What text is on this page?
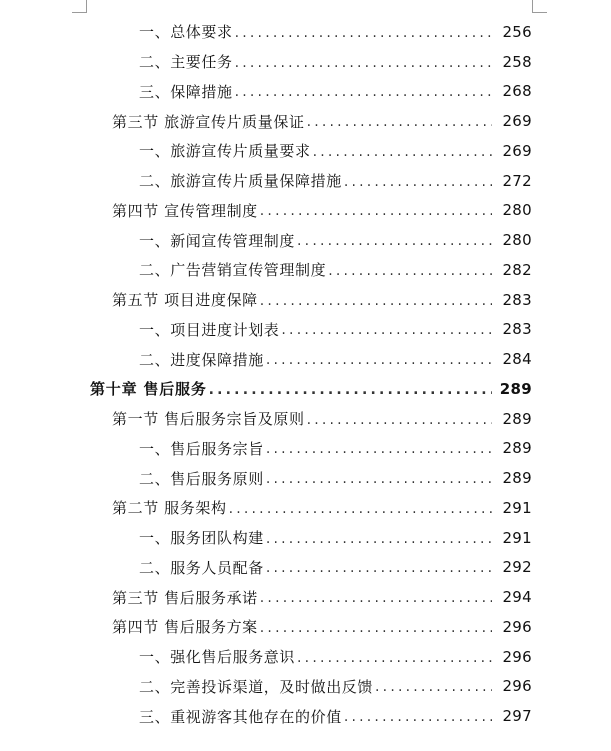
一、总体要求 .....	256
二、主要任务 .....	258
三、保障措施 .....	268
第三节 旅游宣传片质量保证 .....	269
一、旅游宣传片质量要求 .....	269
二、旅游宣传片质量保障措施 .....	272
第四节 宣传管理制度 .....	280
一、新闻宣传管理制度 .....	280
二、广告营销宣传管理制度 .....	282
第五节 项目进度保障 .....	283
一、项目进度计划表 .....	283
二、进度保障措施 .....	284
第十章 售后服务 .....	289
第一节 售后服务宗旨及原则 .....	289
一、售后服务宗旨 .....	289
二、售后服务原则 .....	289
第二节 服务架构 .....	291
一、服务团队构建 .....	291
二、服务人员配备 .....	292
第三节 售后服务承诺 .....	294
第四节 售后服务方案 .....	296
一、强化售后服务意识 .....	296
二、完善投诉渠道，及时做出反馈 .....	296
三、重视游客其他存在的价值 .....	297
